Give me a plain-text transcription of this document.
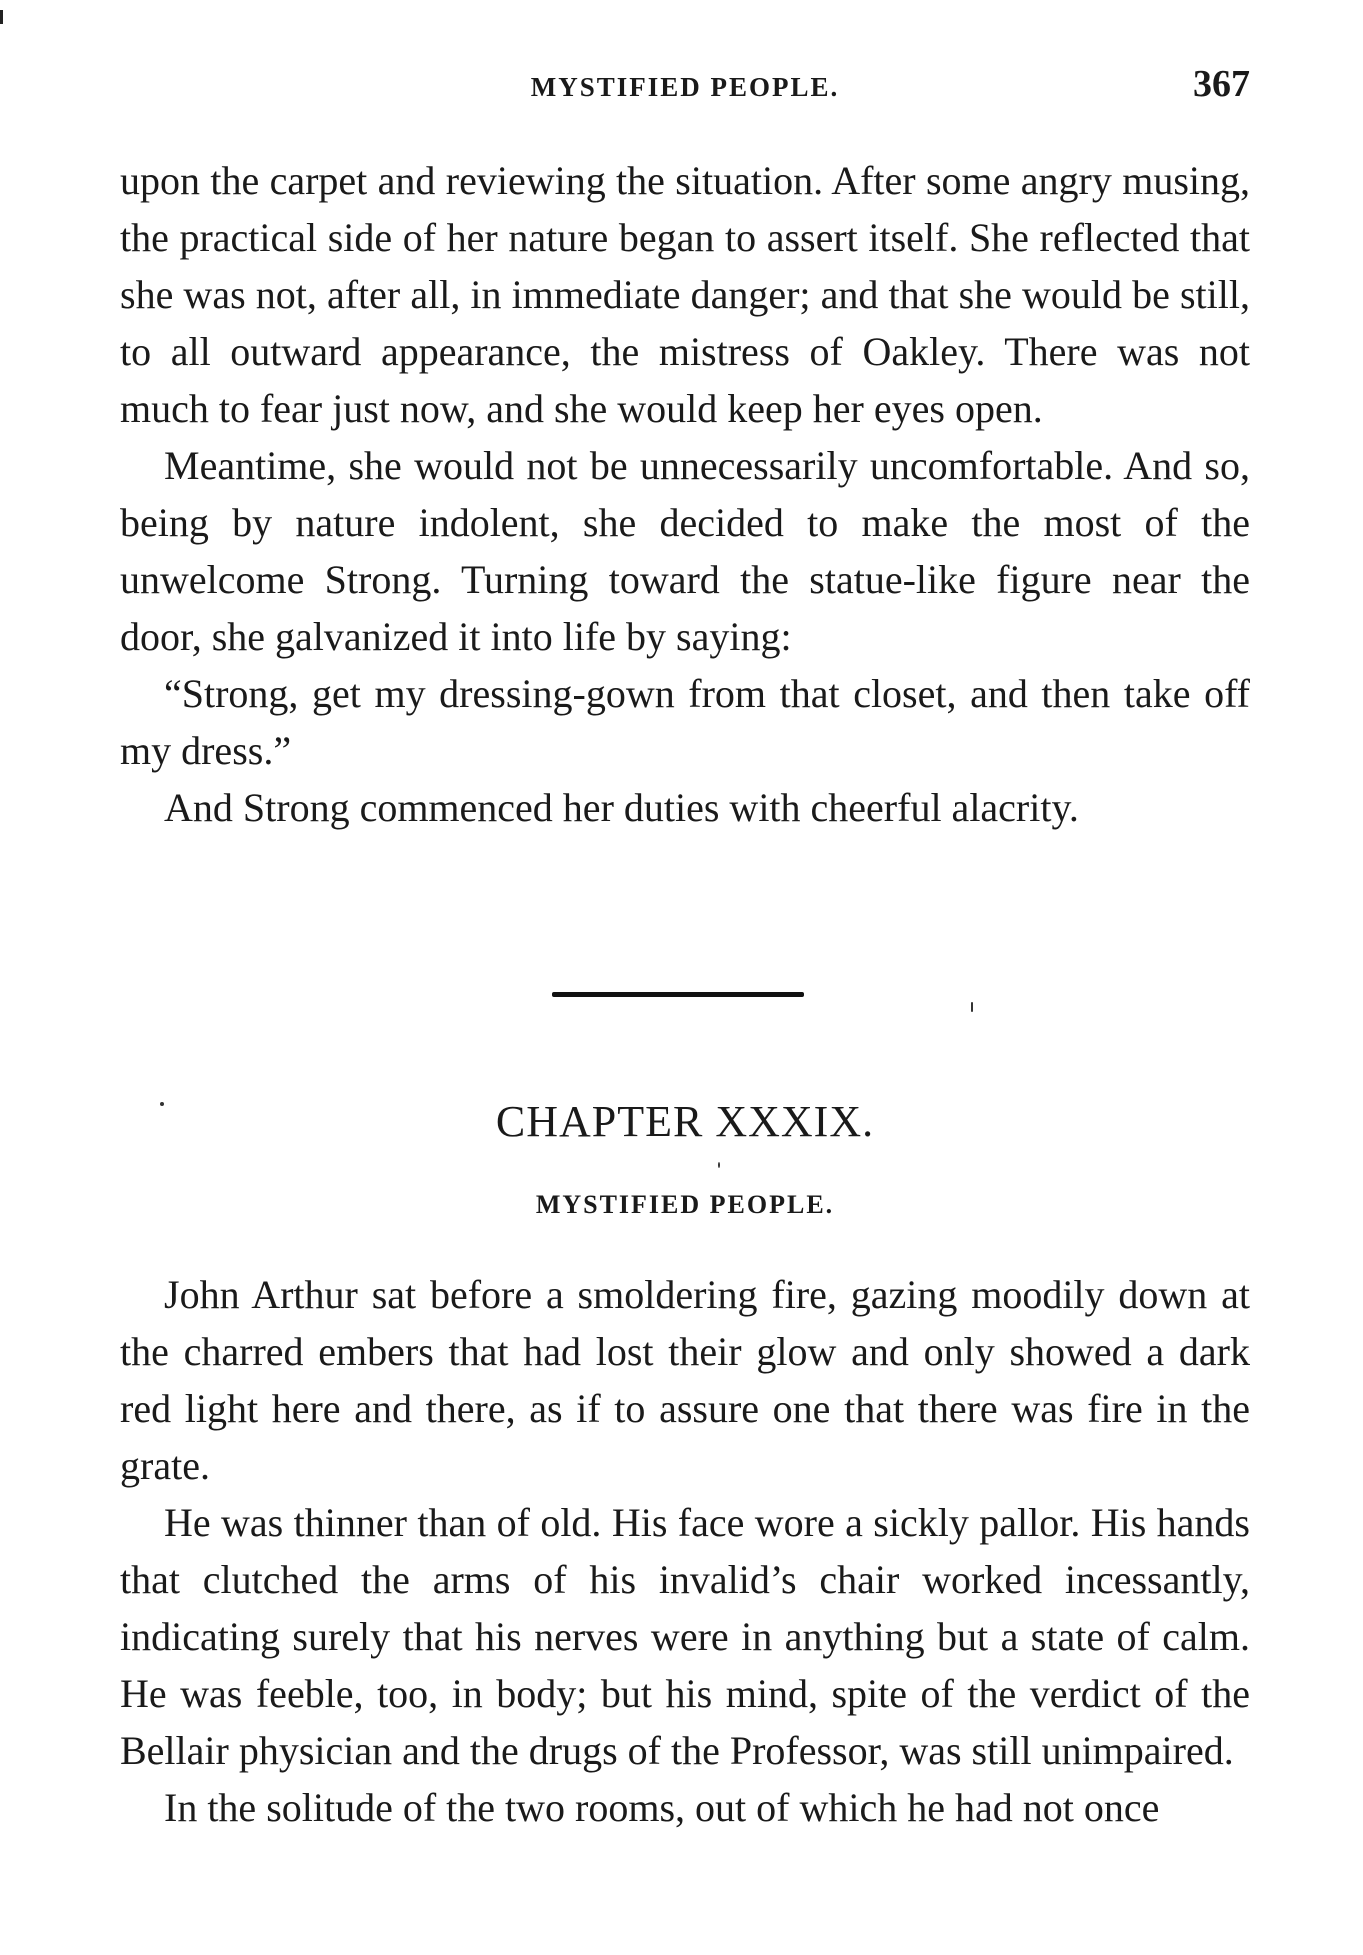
MYSTIFIED PEOPLE.	367

upon the carpet and reviewing the situation. After some angry musing, the practical side of her nature began to assert itself. She reflected that she was not, after all, in immediate danger; and that she would be still, to all outward appearance, the mistress of Oakley. There was not much to fear just now, and she would keep her eyes open.

Meantime, she would not be unnecessarily uncomfortable. And so, being by nature indolent, she decided to make the most of the unwelcome Strong. Turning toward the statue-like figure near the door, she galvanized it into life by saying:

“Strong, get my dressing-gown from that closet, and then take off my dress.”

And Strong commenced her duties with cheerful alacrity.

CHAPTER XXXIX.
MYSTIFIED PEOPLE.

John Arthur sat before a smoldering fire, gazing moodily down at the charred embers that had lost their glow and only showed a dark red light here and there, as if to assure one that there was fire in the grate.

He was thinner than of old. His face wore a sickly pallor. His hands that clutched the arms of his invalid’s chair worked incessantly, indicating surely that his nerves were in anything but a state of calm. He was feeble, too, in body; but his mind, spite of the verdict of the Bellair physician and the drugs of the Professor, was still unimpaired.

In the solitude of the two rooms, out of which he had not once
